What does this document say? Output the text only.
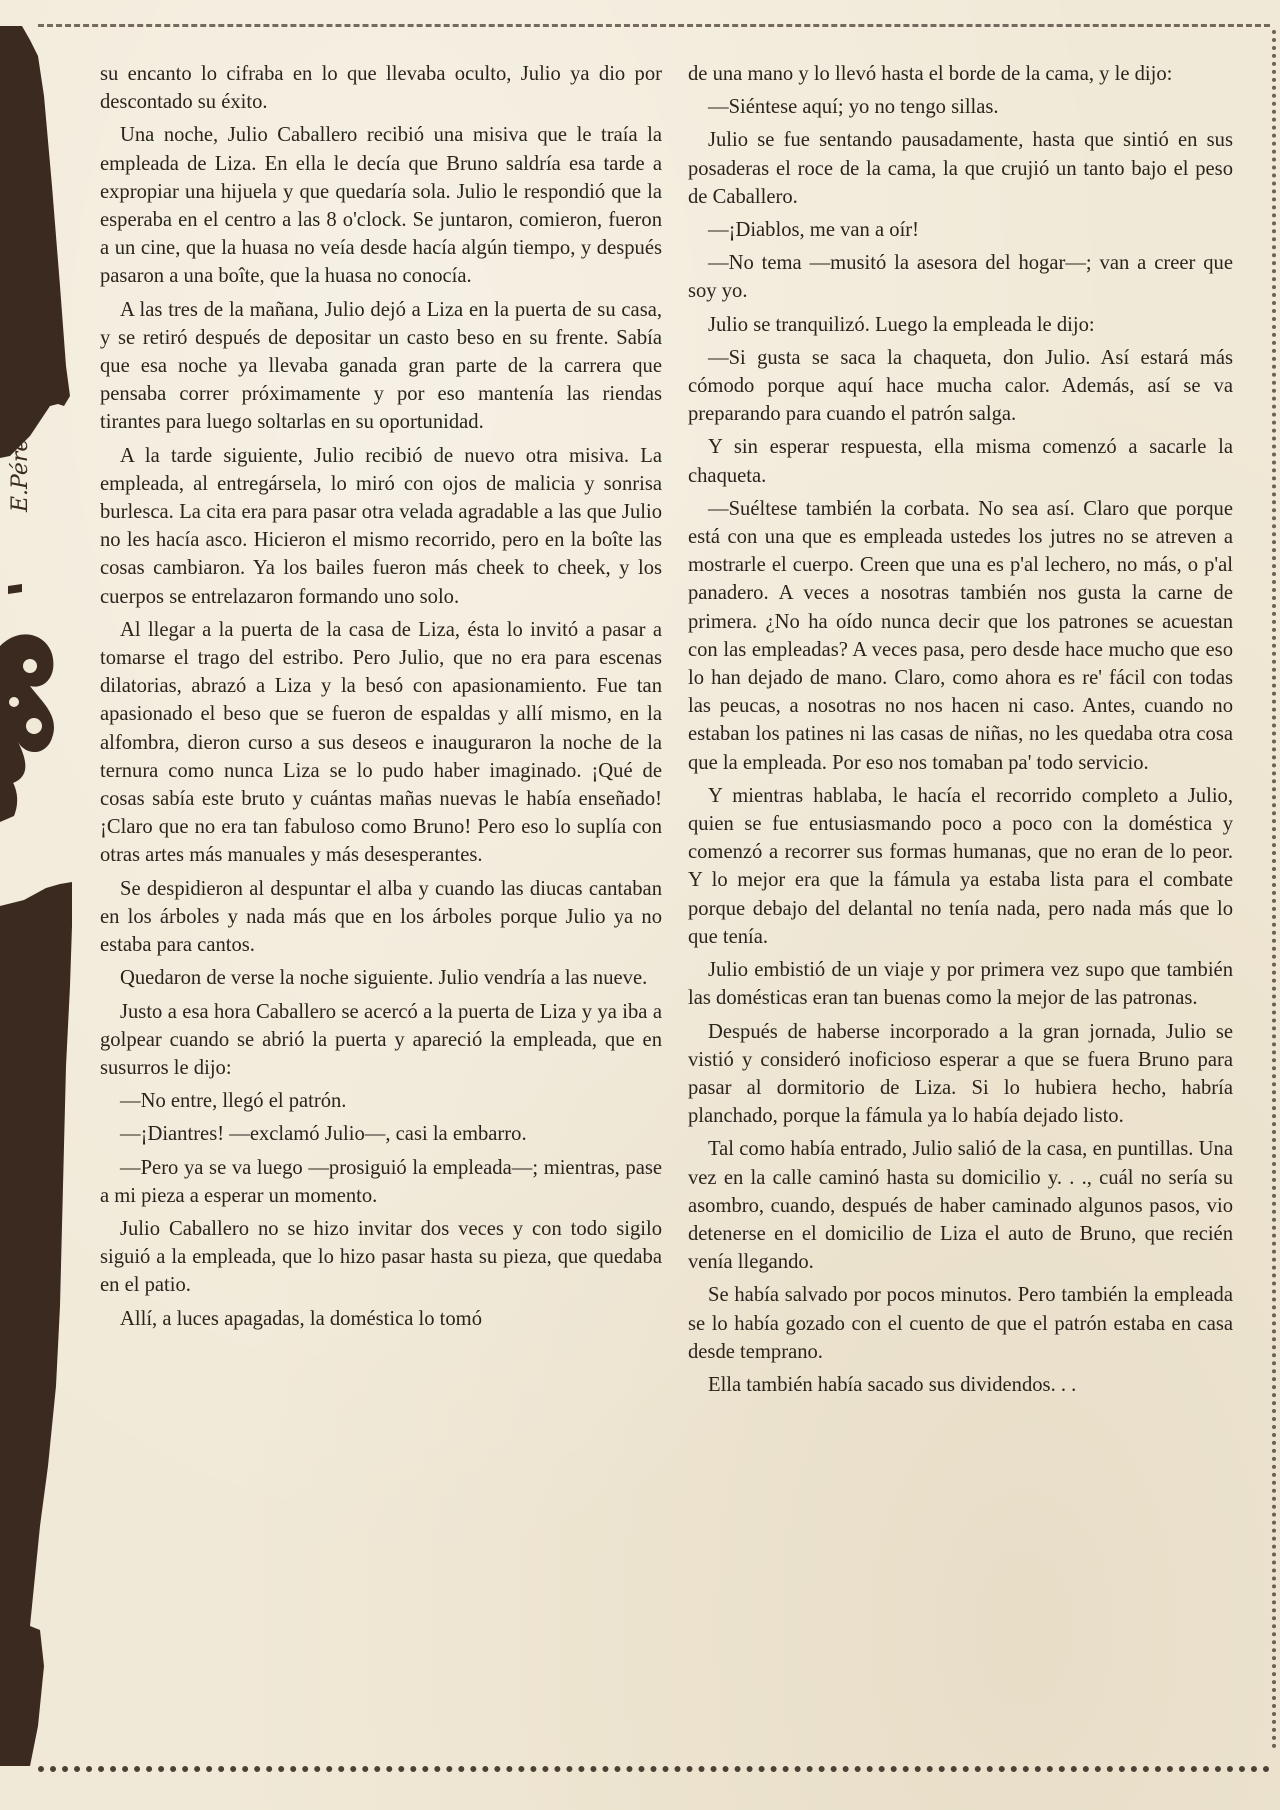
E.Pérez.C

su encanto lo cifraba en lo que llevaba oculto, Julio ya dio por descontado su éxito.

Una noche, Julio Caballero recibió una misiva que le traía la empleada de Liza. En ella le decía que Bruno saldría esa tarde a expropiar una hijuela y que quedaría sola. Julio le respondió que la esperaba en el centro a las 8 o'clock. Se juntaron, comieron, fueron a un cine, que la huasa no veía desde hacía algún tiempo, y después pasaron a una boîte, que la huasa no conocía.

A las tres de la mañana, Julio dejó a Liza en la puerta de su casa, y se retiró después de depositar un casto beso en su frente. Sabía que esa noche ya llevaba ganada gran parte de la carrera que pensaba correr próximamente y por eso mantenía las riendas tirantes para luego soltarlas en su oportunidad.

A la tarde siguiente, Julio recibió de nuevo otra misiva. La empleada, al entregársela, lo miró con ojos de malicia y sonrisa burlesca. La cita era para pasar otra velada agradable a las que Julio no les hacía asco. Hicieron el mismo recorrido, pero en la boîte las cosas cambiaron. Ya los bailes fueron más cheek to cheek, y los cuerpos se entrelazaron formando uno solo.

Al llegar a la puerta de la casa de Liza, ésta lo invitó a pasar a tomarse el trago del estribo. Pero Julio, que no era para escenas dilatorias, abrazó a Liza y la besó con apasionamiento. Fue tan apasionado el beso que se fueron de espaldas y allí mismo, en la alfombra, dieron curso a sus deseos e inauguraron la noche de la ternura como nunca Liza se lo pudo haber imaginado. ¡Qué de cosas sabía este bruto y cuántas mañas nuevas le había enseñado! ¡Claro que no era tan fabuloso como Bruno! Pero eso lo suplía con otras artes más manuales y más desesperantes.

Se despidieron al despuntar el alba y cuando las diucas cantaban en los árboles y nada más que en los árboles porque Julio ya no estaba para cantos.

Quedaron de verse la noche siguiente. Julio vendría a las nueve.

Justo a esa hora Caballero se acercó a la puerta de Liza y ya iba a golpear cuando se abrió la puerta y apareció la empleada, que en susurros le dijo:

—No entre, llegó el patrón.

—¡Diantres! —exclamó Julio—, casi la embarro.

—Pero ya se va luego —prosiguió la empleada—; mientras, pase a mi pieza a esperar un momento.

Julio Caballero no se hizo invitar dos veces y con todo sigilo siguió a la empleada, que lo hizo pasar hasta su pieza, que quedaba en el patio.

Allí, a luces apagadas, la doméstica lo tomó

de una mano y lo llevó hasta el borde de la cama, y le dijo:

—Siéntese aquí; yo no tengo sillas.

Julio se fue sentando pausadamente, hasta que sintió en sus posaderas el roce de la cama, la que crujió un tanto bajo el peso de Caballero.

—¡Diablos, me van a oír!

—No tema —musitó la asesora del hogar—; van a creer que soy yo.

Julio se tranquilizó. Luego la empleada le dijo:

—Si gusta se saca la chaqueta, don Julio. Así estará más cómodo porque aquí hace mucha calor. Además, así se va preparando para cuando el patrón salga.

Y sin esperar respuesta, ella misma comenzó a sacarle la chaqueta.

—Suéltese también la corbata. No sea así. Claro que porque está con una que es empleada ustedes los jutres no se atreven a mostrarle el cuerpo. Creen que una es p'al lechero, no más, o p'al panadero. A veces a nosotras también nos gusta la carne de primera. ¿No ha oído nunca decir que los patrones se acuestan con las empleadas? A veces pasa, pero desde hace mucho que eso lo han dejado de mano. Claro, como ahora es re' fácil con todas las peucas, a nosotras no nos hacen ni caso. Antes, cuando no estaban los patines ni las casas de niñas, no les quedaba otra cosa que la empleada. Por eso nos tomaban pa' todo servicio.

Y mientras hablaba, le hacía el recorrido completo a Julio, quien se fue entusiasmando poco a poco con la doméstica y comenzó a recorrer sus formas humanas, que no eran de lo peor. Y lo mejor era que la fámula ya estaba lista para el combate porque debajo del delantal no tenía nada, pero nada más que lo que tenía.

Julio embistió de un viaje y por primera vez supo que también las domésticas eran tan buenas como la mejor de las patronas.

Después de haberse incorporado a la gran jornada, Julio se vistió y consideró inoficioso esperar a que se fuera Bruno para pasar al dormitorio de Liza. Si lo hubiera hecho, habría planchado, porque la fámula ya lo había dejado listo.

Tal como había entrado, Julio salió de la casa, en puntillas. Una vez en la calle caminó hasta su domicilio y. . ., cuál no sería su asombro, cuando, después de haber caminado algunos pasos, vio detenerse en el domicilio de Liza el auto de Bruno, que recién venía llegando.

Se había salvado por pocos minutos. Pero también la empleada se lo había gozado con el cuento de que el patrón estaba en casa desde temprano.

Ella también había sacado sus dividendos. . .
